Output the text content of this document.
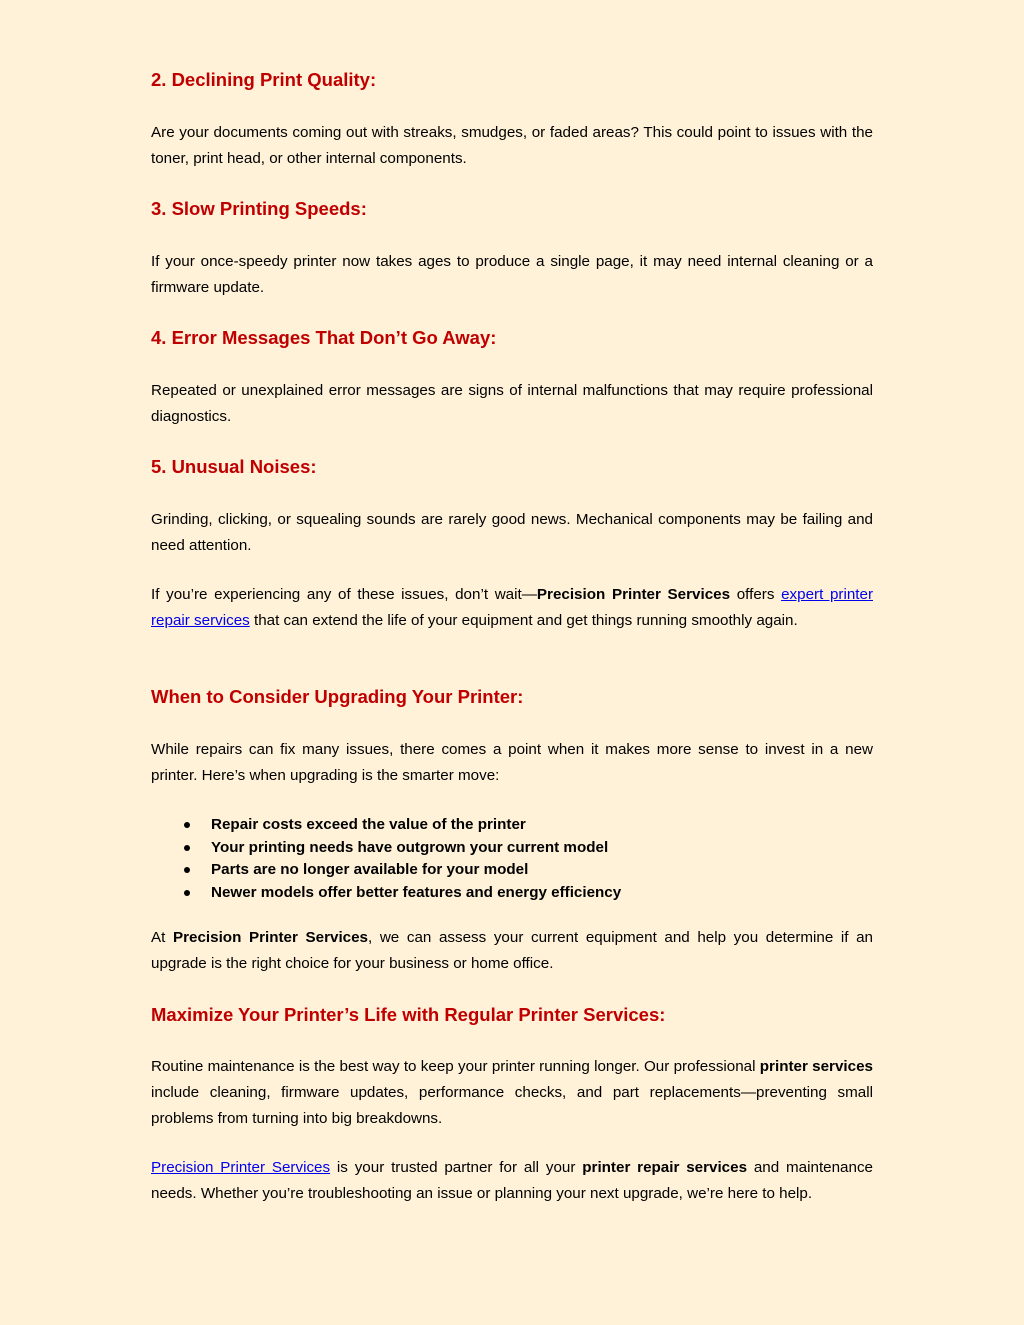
2. Declining Print Quality:

Are your documents coming out with streaks, smudges, or faded areas? This could point to issues with the toner, print head, or other internal components.

3. Slow Printing Speeds:

If your once-speedy printer now takes ages to produce a single page, it may need internal cleaning or a firmware update.

4. Error Messages That Don’t Go Away:

Repeated or unexplained error messages are signs of internal malfunctions that may require professional diagnostics.

5. Unusual Noises:

Grinding, clicking, or squealing sounds are rarely good news. Mechanical components may be failing and need attention.

If you’re experiencing any of these issues, don’t wait—Precision Printer Services offers expert printer repair services that can extend the life of your equipment and get things running smoothly again.

When to Consider Upgrading Your Printer:

While repairs can fix many issues, there comes a point when it makes more sense to invest in a new printer. Here’s when upgrading is the smarter move:

Repair costs exceed the value of the printer
Your printing needs have outgrown your current model
Parts are no longer available for your model
Newer models offer better features and energy efficiency

At Precision Printer Services, we can assess your current equipment and help you determine if an upgrade is the right choice for your business or home office.

Maximize Your Printer’s Life with Regular Printer Services:

Routine maintenance is the best way to keep your printer running longer. Our professional printer services include cleaning, firmware updates, performance checks, and part replacements—preventing small problems from turning into big breakdowns.

Precision Printer Services is your trusted partner for all your printer repair services and maintenance needs. Whether you’re troubleshooting an issue or planning your next upgrade, we’re here to help.
